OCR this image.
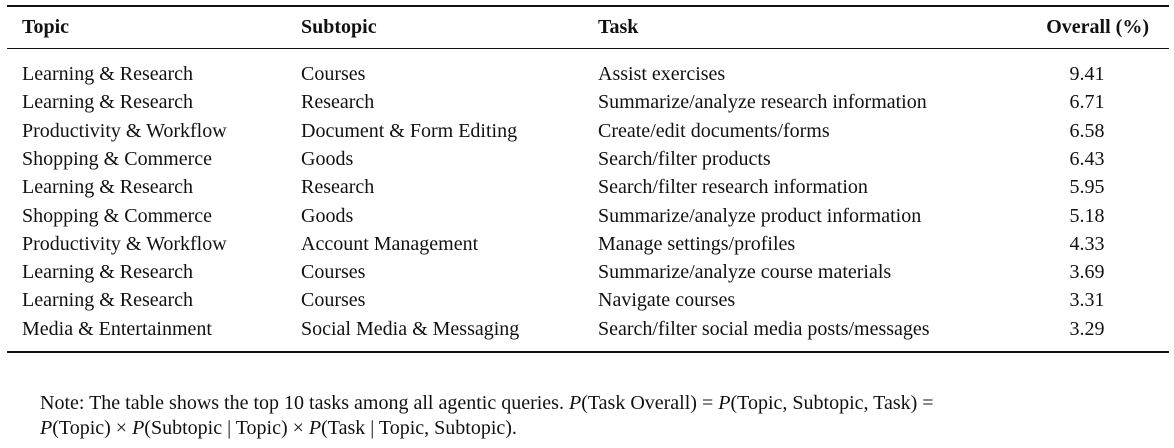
Topic	Subtopic	Task	Overall (%)
Learning & Research	Courses	Assist exercises	9.41
Learning & Research	Research	Summarize/analyze research information	6.71
Productivity & Workflow	Document & Form Editing	Create/edit documents/forms	6.58
Shopping & Commerce	Goods	Search/filter products	6.43
Learning & Research	Research	Search/filter research information	5.95
Shopping & Commerce	Goods	Summarize/analyze product information	5.18
Productivity & Workflow	Account Management	Manage settings/profiles	4.33
Learning & Research	Courses	Summarize/analyze course materials	3.69
Learning & Research	Courses	Navigate courses	3.31
Media & Entertainment	Social Media & Messaging	Search/filter social media posts/messages	3.29
Note: The table shows the top 10 tasks among all agentic queries. P(Task Overall) = P(Topic, Subtopic, Task) =
P(Topic) × P(Subtopic | Topic) × P(Task | Topic, Subtopic).
